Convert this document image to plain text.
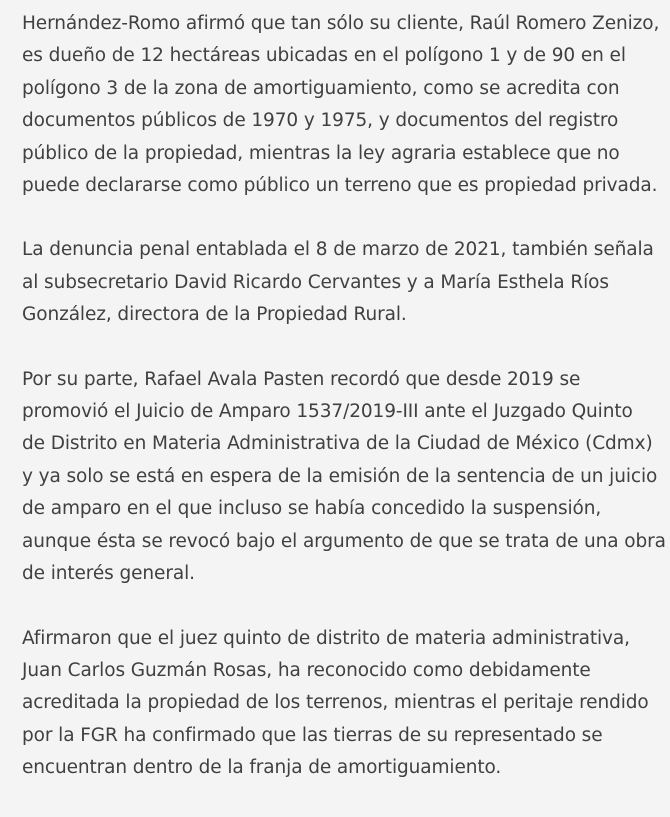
Hernández-Romo afirmó que tan sólo su cliente, Raúl Romero Zenizo,
es dueño de 12 hectáreas ubicadas en el polígono 1 y de 90 en el
polígono 3 de la zona de amortiguamiento, como se acredita con
documentos públicos de 1970 y 1975, y documentos del registro
público de la propiedad, mientras la ley agraria establece que no
puede declararse como público un terreno que es propiedad privada.

La denuncia penal entablada el 8 de marzo de 2021, también señala
al subsecretario David Ricardo Cervantes y a María Esthela Ríos
González, directora de la Propiedad Rural.

Por su parte, Rafael Avala Pasten recordó que desde 2019 se
promovió el Juicio de Amparo 1537/2019-III ante el Juzgado Quinto
de Distrito en Materia Administrativa de la Ciudad de México (Cdmx)
y ya solo se está en espera de la emisión de la sentencia de un juicio
de amparo en el que incluso se había concedido la suspensión,
aunque ésta se revocó bajo el argumento de que se trata de una obra
de interés general.

Afirmaron que el juez quinto de distrito de materia administrativa,
Juan Carlos Guzmán Rosas, ha reconocido como debidamente
acreditada la propiedad de los terrenos, mientras el peritaje rendido
por la FGR ha confirmado que las tierras de su representado se
encuentran dentro de la franja de amortiguamiento.
